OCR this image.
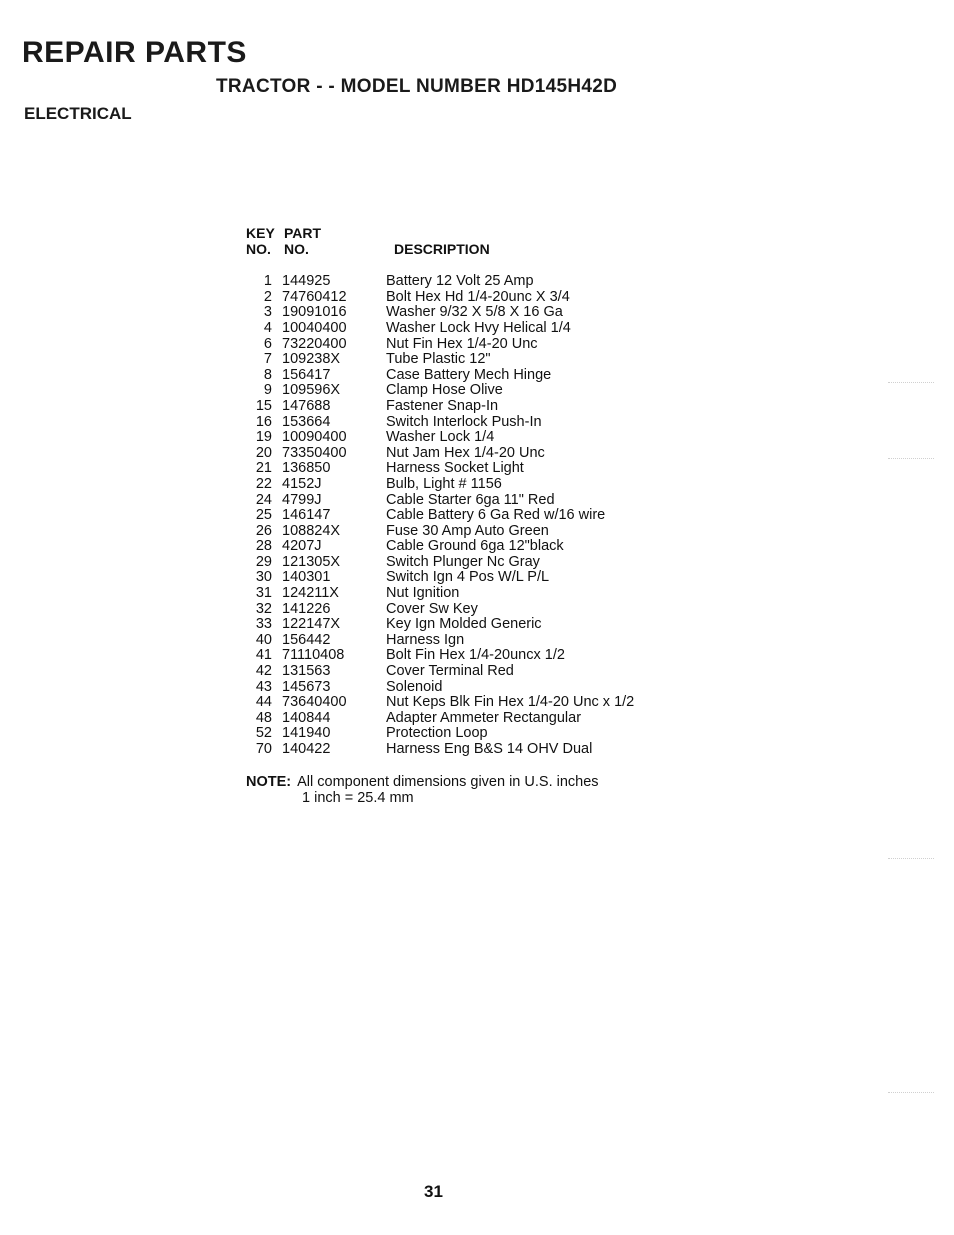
REPAIR PARTS
TRACTOR - - MODEL NUMBER HD145H42D
ELECTRICAL
KEY
NO.
PART
NO.	DESCRIPTION
1 144925	Battery 12 Volt 25 Amp
2 74760412	Bolt Hex Hd 1/4-20unc X 3/4
3 19091016	Washer 9/32 X 5/8 X 16 Ga
4 10040400	Washer Lock Hvy Helical 1/4
6 73220400	Nut Fin Hex 1/4-20 Unc
7 109238X	Tube Plastic 12"
8 156417	Case Battery Mech Hinge
9 109596X	Clamp Hose Olive
15 147688	Fastener Snap-In
16 153664	Switch Interlock Push-In
19 10090400	Washer Lock 1/4
20 73350400	Nut Jam Hex 1/4-20 Unc
21 136850	Harness Socket Light
22 4152J	Bulb, Light # 1156
24 4799J	Cable Starter 6ga 11" Red
25 146147	Cable Battery 6 Ga Red w/16 wire
26 108824X	Fuse 30 Amp Auto Green
28 4207J	Cable Ground 6ga 12"black
29 121305X	Switch Plunger Nc Gray
30 140301	Switch Ign 4 Pos W/L P/L
31 124211X	Nut Ignition
32 141226	Cover Sw Key
33 122147X	Key Ign Molded Generic
40 156442	Harness Ign
41 71110408	Bolt Fin Hex 1/4-20uncx 1/2
42 131563	Cover Terminal Red
43 145673	Solenoid
44 73640400	Nut Keps Blk Fin Hex 1/4-20 Unc x 1/2
48 140844	Adapter Ammeter Rectangular
52 141940	Protection Loop
70 140422	Harness Eng B&S 14 OHV Dual
NOTE: All component dimensions given in U.S. inches
1 inch = 25.4 mm
31
